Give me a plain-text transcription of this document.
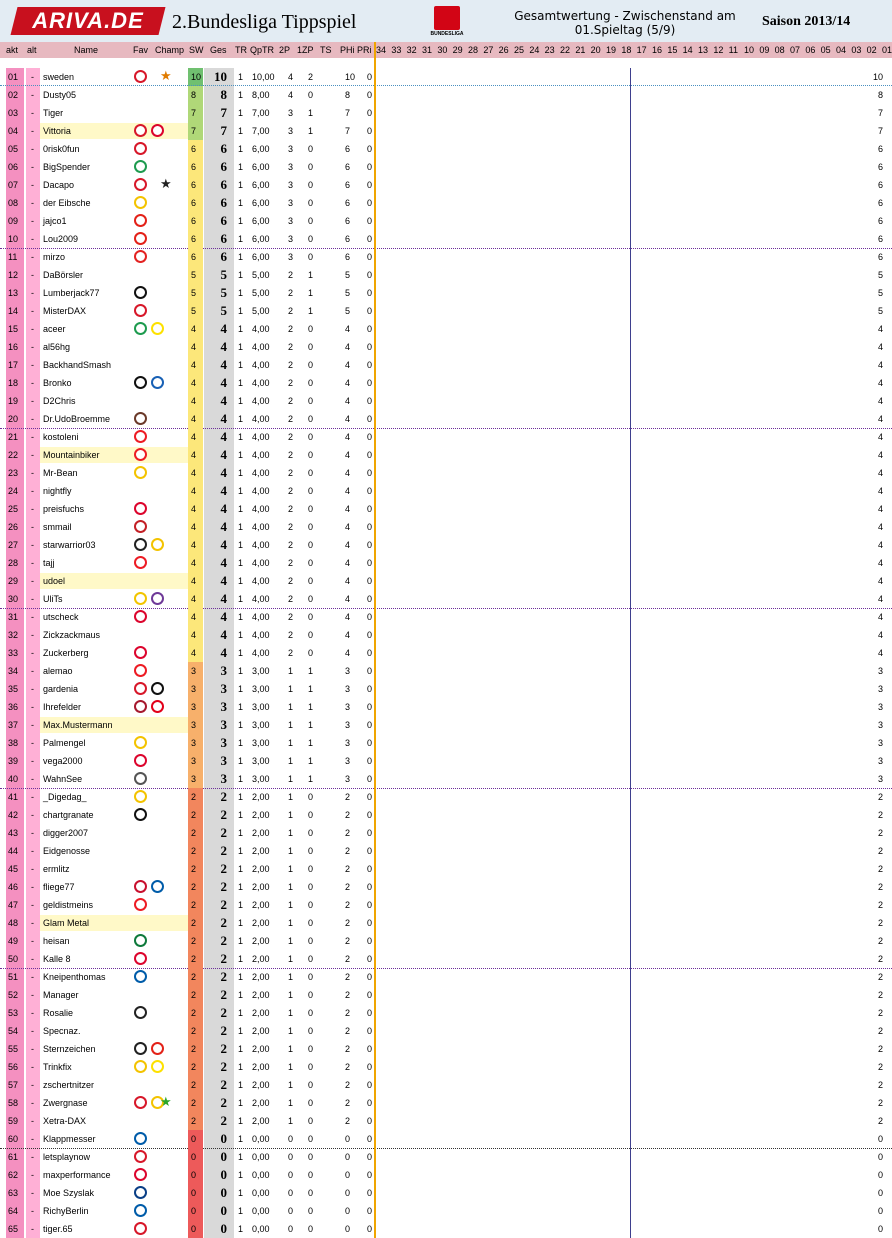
ARIVA.DE	2.Bundesliga Tippspiel
BUNDESLIGA
Gesamtwertung - Zwischenstand am
01.Spieltag (5/9)
Saison 2013/14
akt alt	Name	Fav Champ SW Ges TR QpTR 2P 1ZP TS PHi PRi 34 33 32 31 30 29 28 27 26 25 24 23 22 21 20 19 18 17 16 15 14 13 12 11 10 09 08 07 06 05 04 03 02 01
01 - sweden	10 10 1 10,00 4 2	10 0	10
★
02 - Dusty05	8 8 1 8,00 4 0	8 0	8
03 - Tiger	7 7 1 7,00 3 1	7 0	7
04 - Vittoria	7 7 1 7,00 3 1	7 0	7
05 - 0risk0fun	6 6 1 6,00 3 0	6 0	6
06 - BigSpender	6 6 1 6,00 3 0	6 0	6
07 - Dacapo	6 6 1 6,00 3 0	6 0	6
★
08 - der Eibsche	6 6 1 6,00 3 0	6 0	6
09 - jajco1	6 6 1 6,00 3 0	6 0	6
10 - Lou2009	6 6 1 6,00 3 0	6 0	6
11 - mirzo	6 6 1 6,00 3 0	6 0	6
12 - DaBörsler	5 5 1 5,00 2 1	5 0	5
13 - Lumberjack77	5 5 1 5,00 2 1	5 0	5
14 - MisterDAX	5 5 1 5,00 2 1	5 0	5
15 - aceer	4 4 1 4,00 2 0	4 0	4
16 - al56hg	4 4 1 4,00 2 0	4 0	4
17 - BackhandSmash	4 4 1 4,00 2 0	4 0	4
18 - Bronko	4 4 1 4,00 2 0	4 0	4
19 - D2Chris	4 4 1 4,00 2 0	4 0	4
20 - Dr.UdoBroemme	4 4 1 4,00 2 0	4 0	4
21 - kostoleni	4 4 1 4,00 2 0	4 0	4
22 - Mountainbiker	4 4 1 4,00 2 0	4 0	4
23 - Mr-Bean	4 4 1 4,00 2 0	4 0	4
24 - nightfly	4 4 1 4,00 2 0	4 0	4
25 - preisfuchs	4 4 1 4,00 2 0	4 0	4
26 - smmail	4 4 1 4,00 2 0	4 0	4
27 - starwarrior03	4 4 1 4,00 2 0	4 0	4
28 - tajj	4 4 1 4,00 2 0	4 0	4
29 - udoel	4 4 1 4,00 2 0	4 0	4
30 - UliTs	4 4 1 4,00 2 0	4 0	4
31 - utscheck	4 4 1 4,00 2 0	4 0	4
32 - Zickzackmaus	4 4 1 4,00 2 0	4 0	4
33 - Zuckerberg	4 4 1 4,00 2 0	4 0	4
34 - alemao	3 3 1 3,00 1 1	3 0	3
35 - gardenia	3 3 1 3,00 1 1	3 0	3
36 - Ihrefelder	3 3 1 3,00 1 1	3 0	3
37 - Max.Mustermann	3 3 1 3,00 1 1	3 0	3
38 - Palmengel	3 3 1 3,00 1 1	3 0	3
39 - vega2000	3 3 1 3,00 1 1	3 0	3
40 - WahnSee	3 3 1 3,00 1 1	3 0	3
41 - _Digedag_	2 2 1 2,00 1 0	2 0	2
42 - chartgranate	2 2 1 2,00 1 0	2 0	2
43 - digger2007	2 2 1 2,00 1 0	2 0	2
44 - Eidgenosse	2 2 1 2,00 1 0	2 0	2
45 - ermlitz	2 2 1 2,00 1 0	2 0	2
46 - fliege77	2 2 1 2,00 1 0	2 0	2
47 - geldistmeins	2 2 1 2,00 1 0	2 0	2
48 - Glam Metal	2 2 1 2,00 1 0	2 0	2
49 - heisan	2 2 1 2,00 1 0	2 0	2
50 - Kalle 8	2 2 1 2,00 1 0	2 0	2
51 - Kneipenthomas	2 2 1 2,00 1 0	2 0	2
52 - Manager	2 2 1 2,00 1 0	2 0	2
53 - Rosalie	2 2 1 2,00 1 0	2 0	2
54 - Specnaz.	2 2 1 2,00 1 0	2 0	2
55 - Sternzeichen	2 2 1 2,00 1 0	2 0	2
56 - Trinkfix	2 2 1 2,00 1 0	2 0	2
57 - zschertnitzer	2 2 1 2,00 1 0	2 0	2
58 - Zwergnase	2 2 1 2,00 1 0	2 0	2
★
59 - Xetra-DAX	2 2 1 2,00 1 0	2 0	2
60 - Klappmesser	0 0 1 0,00 0 0	0 0	0
61 - letsplaynow	0 0 1 0,00 0 0	0 0	0
62 - maxperformance	0 0 1 0,00 0 0	0 0	0
63 - Moe Szyslak	0 0 1 0,00 0 0	0 0	0
64 - RichyBerlin	0 0 1 0,00 0 0	0 0	0
65 - tiger.65	0 0 1 0,00 0 0	0 0	0
